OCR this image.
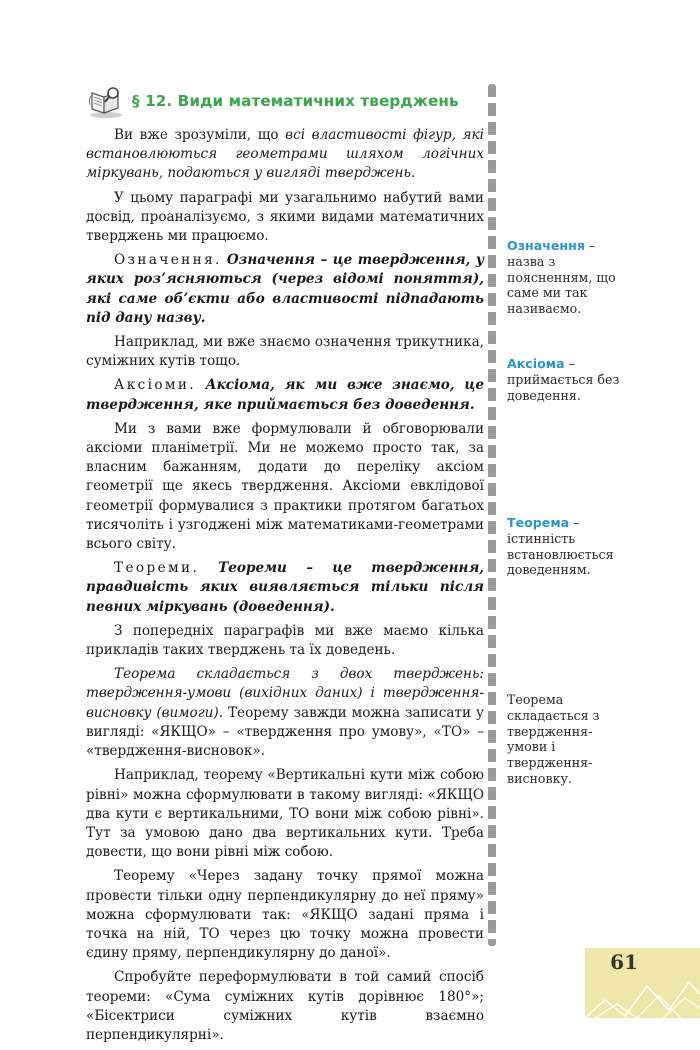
§ 12. Види математичних тверджень

Ви вже зрозуміли, що всі властивості фігур, які встановлюються геометрами шляхом логічних міркувань, подаються у вигляді тверджень.

У цьому параграфі ми узагальнимо набутий вами досвід, проаналізуємо, з якими видами математичних тверджень ми працюємо.

Означення. Означення – це твердження, у яких роз’ясняються (через відомі поняття), які саме об’єкти або властивості підпадають під дану назву.

Наприклад, ми вже знаємо означення трикутника, суміжних кутів тощо.

Аксіоми. Аксіома, як ми вже знаємо, це твердження, яке приймається без доведення.

Ми з вами вже формулювали й обговорювали аксіоми планіметрії. Ми не можемо просто так, за власним бажанням, додати до переліку аксіом геометрії ще якесь твердження. Аксіоми евклідової геометрії формувалися з практики протягом багатьох тисячоліть і узгоджені між математиками-геометрами всього світу.

Теореми. Теореми – це твердження, правдивість яких виявляється тільки після певних міркувань (доведення).

З попередніх параграфів ми вже маємо кілька прикладів таких тверджень та їх доведень.

Теорема складається з двох тверджень: твердження-умови (вихідних даних) і твердження-висновку (вимоги). Теорему завжди можна записати у вигляді: «ЯКЩО» – «твердження про умову», «ТО» – «твердження-висновок».

Наприклад, теорему «Вертикальні кути між собою рівні» можна сформулювати в такому вигляді: «ЯКЩО два кути є вертикальними, ТО вони між собою рівні». Тут за умовою дано два вертикальних кути. Треба довести, що вони рівні між собою.

Теорему «Через задану точку прямої можна провести тільки одну перпендикулярну до неї пряму» можна сформулювати так: «ЯКЩО задані пряма і точка на ній, ТО через цю точку можна провести єдину пряму, перпендикулярну до даної».

Спробуйте переформулювати в той самий спосіб теореми: «Сума суміжних кутів дорівнює 180°»; «Бісектриси суміжних кутів взаємно перпендикулярні».

Означення – назва з поясненням, що саме ми так називаємо.
Аксіома – приймається без доведення.
Теорема – істинність встановлюється доведенням.
Теорема складається з твердження-умови і твердження-висновку.
61
